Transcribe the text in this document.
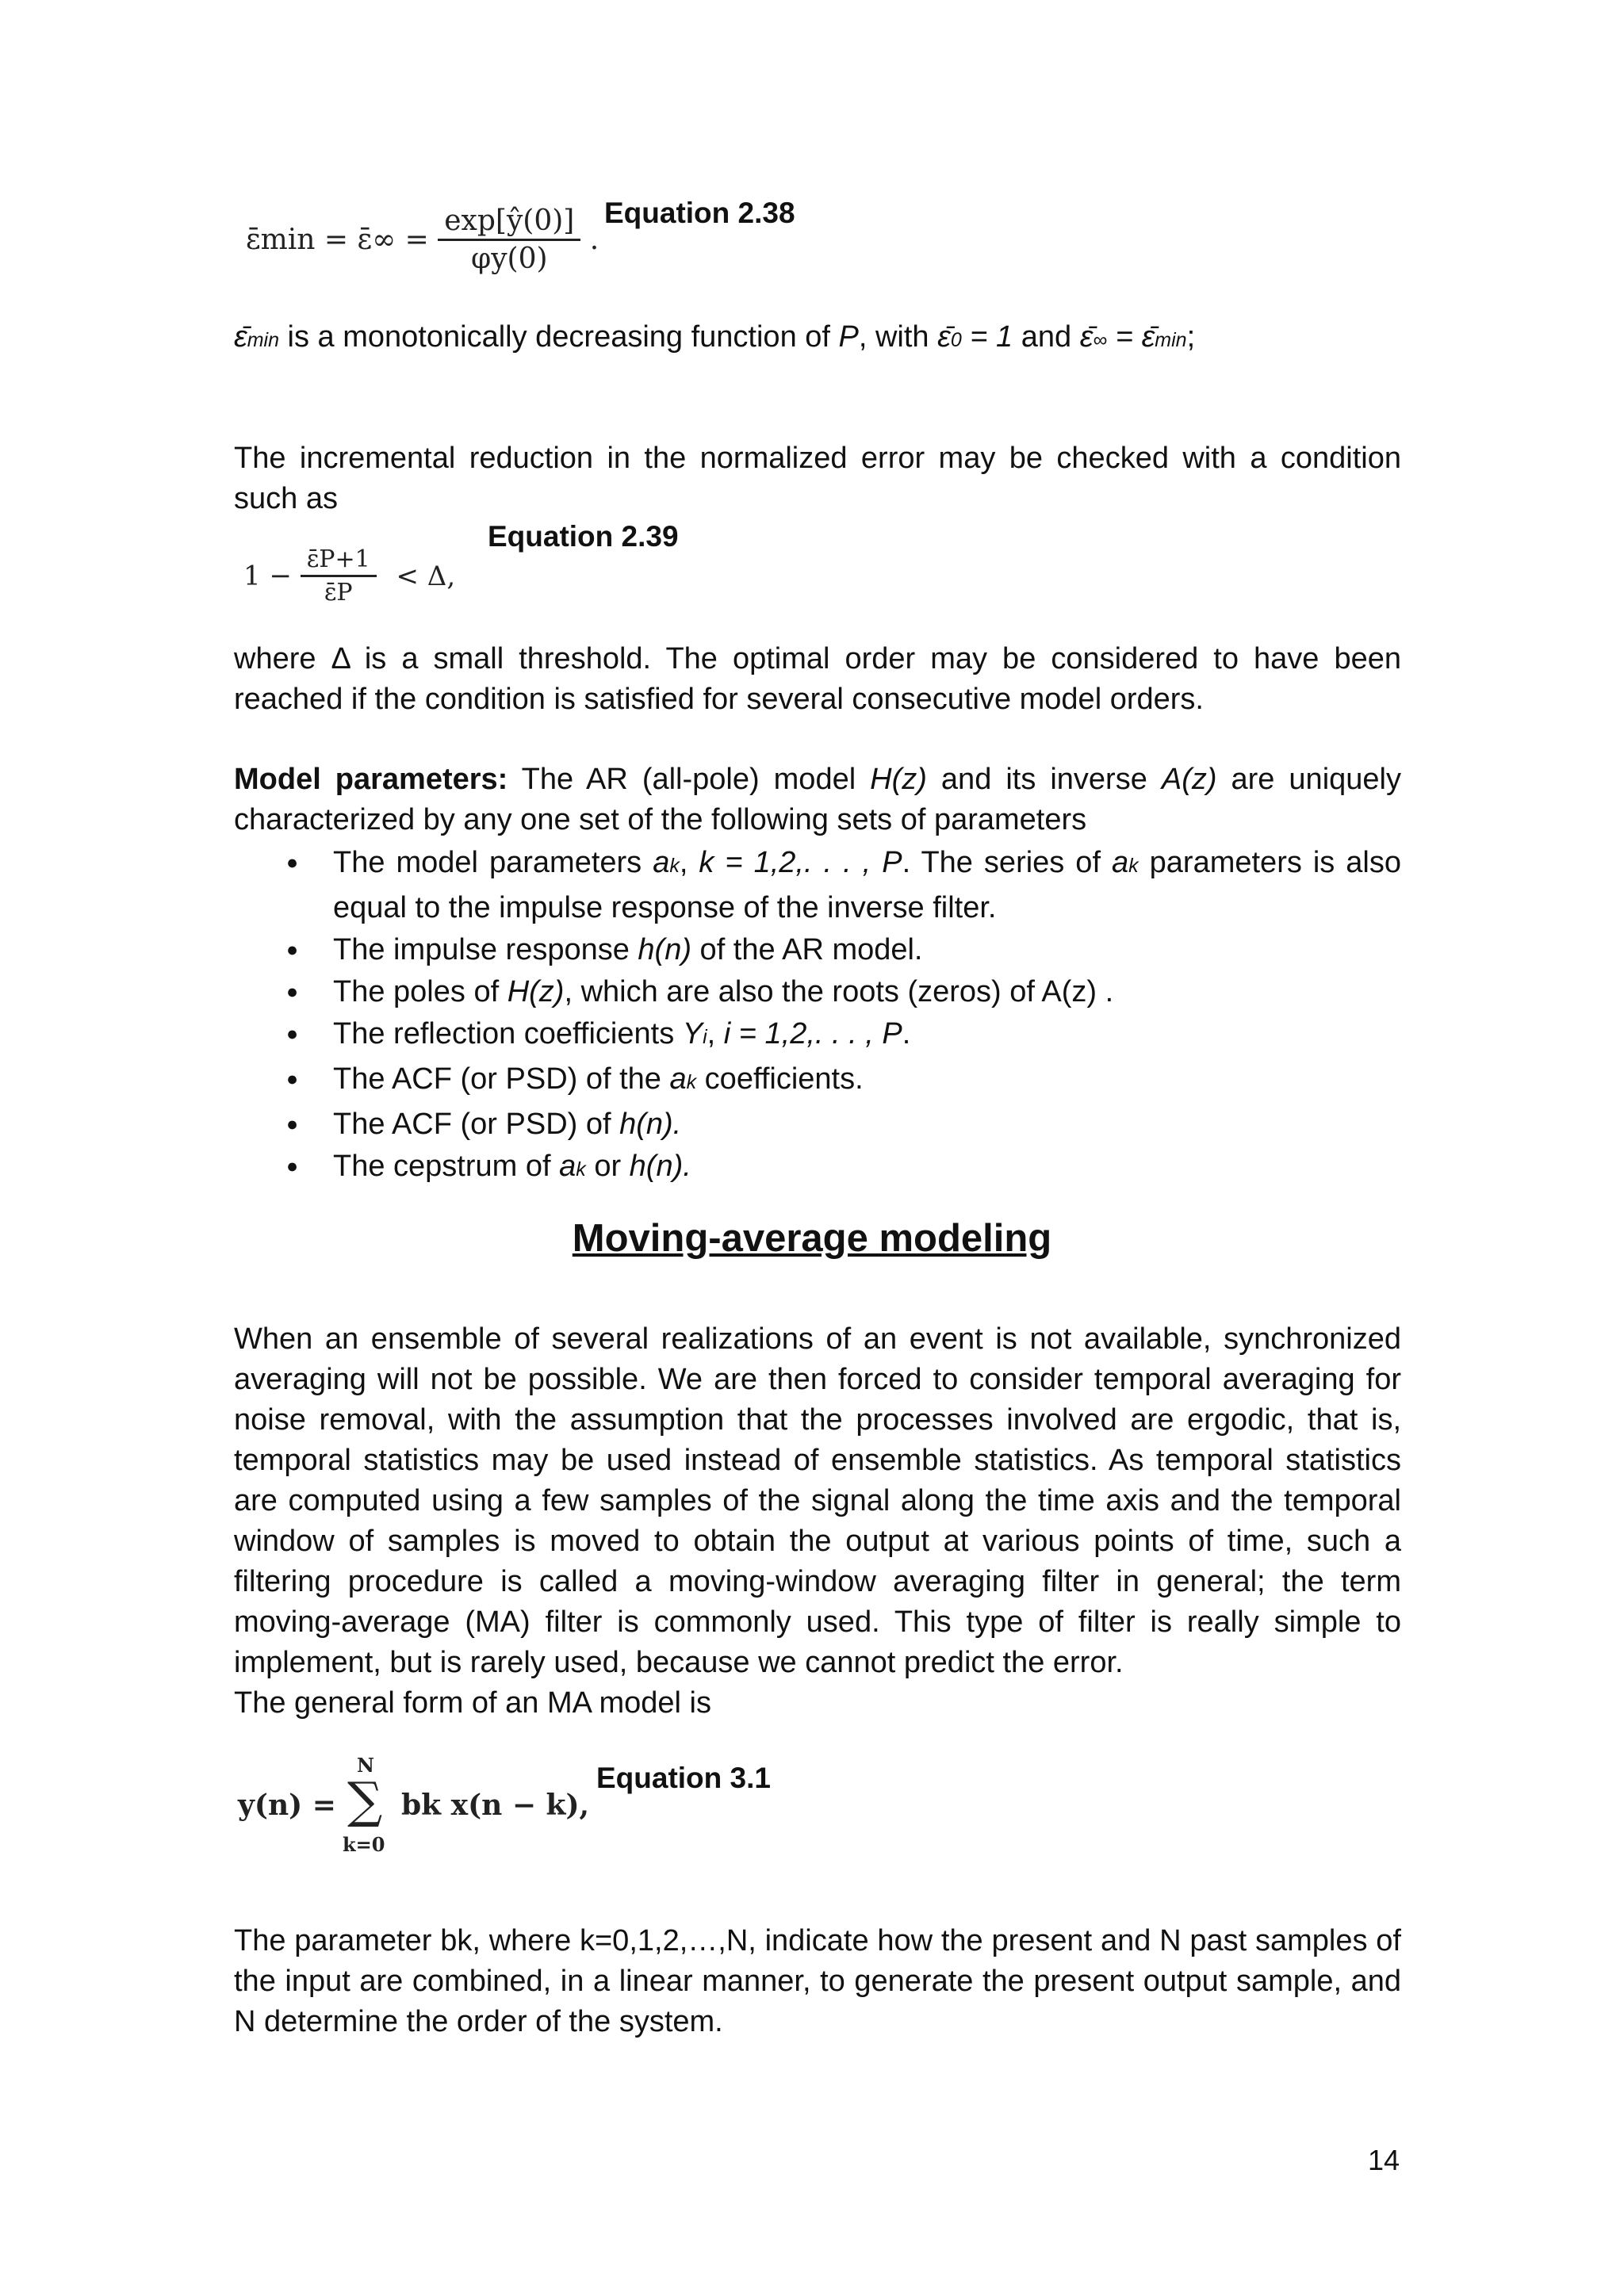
ε̄min = ε̄∞ = $\frac{\exp[ŷ(0)]}{\varphi y(0)}$ .
Equation 2.38
ε̄min is a monotonically decreasing function of P, with ε̄0 = 1 and ε̄∞ = ε̄min;
The incremental reduction in the normalized error may be checked with a condition such as
$1 - \frac{\varepsilon̄P+1}{\varepsilon̄P} < \Delta$,
Equation 2.39
where Δ is a small threshold. The optimal order may be considered to have been reached if the condition is satisfied for several consecutive model orders.
Model parameters: The AR (all-pole) model H(z) and its inverse A(z) are uniquely characterized by any one set of the following sets of parameters
● The model parameters ak, k = 1,2,. . . , P. The series of ak parameters is also equal to the impulse response of the inverse filter.
● The impulse response h(n) of the AR model.
● The poles of H(z), which are also the roots (zeros) of A(z) .
● The reflection coefficients Υi, i = 1,2,. . . , P.
● The ACF (or PSD) of the ak coefficients.
● The ACF (or PSD) of h(n).
● The cepstrum of ak or h(n).
Moving-average modeling
When an ensemble of several realizations of an event is not available, synchronized averaging will not be possible. We are then forced to consider temporal averaging for noise removal, with the assumption that the processes involved are ergodic, that is, temporal statistics may be used instead of ensemble statistics. As temporal statistics are computed using a few samples of the signal along the time axis and the temporal window of samples is moved to obtain the output at various points of time, such a filtering procedure is called a moving-window averaging filter in general; the term moving-average (MA) filter is commonly used. This type of filter is really simple to implement, but is rarely used, because we cannot predict the error.
The general form of an MA model is
y(n) =
N
∑
k=0
bk x(n − k),
Equation 3.1
The parameter bk, where k=0,1,2,…,N, indicate how the present and N past samples of the input are combined, in a linear manner, to generate the present output sample, and N determine the order of the system.
14
